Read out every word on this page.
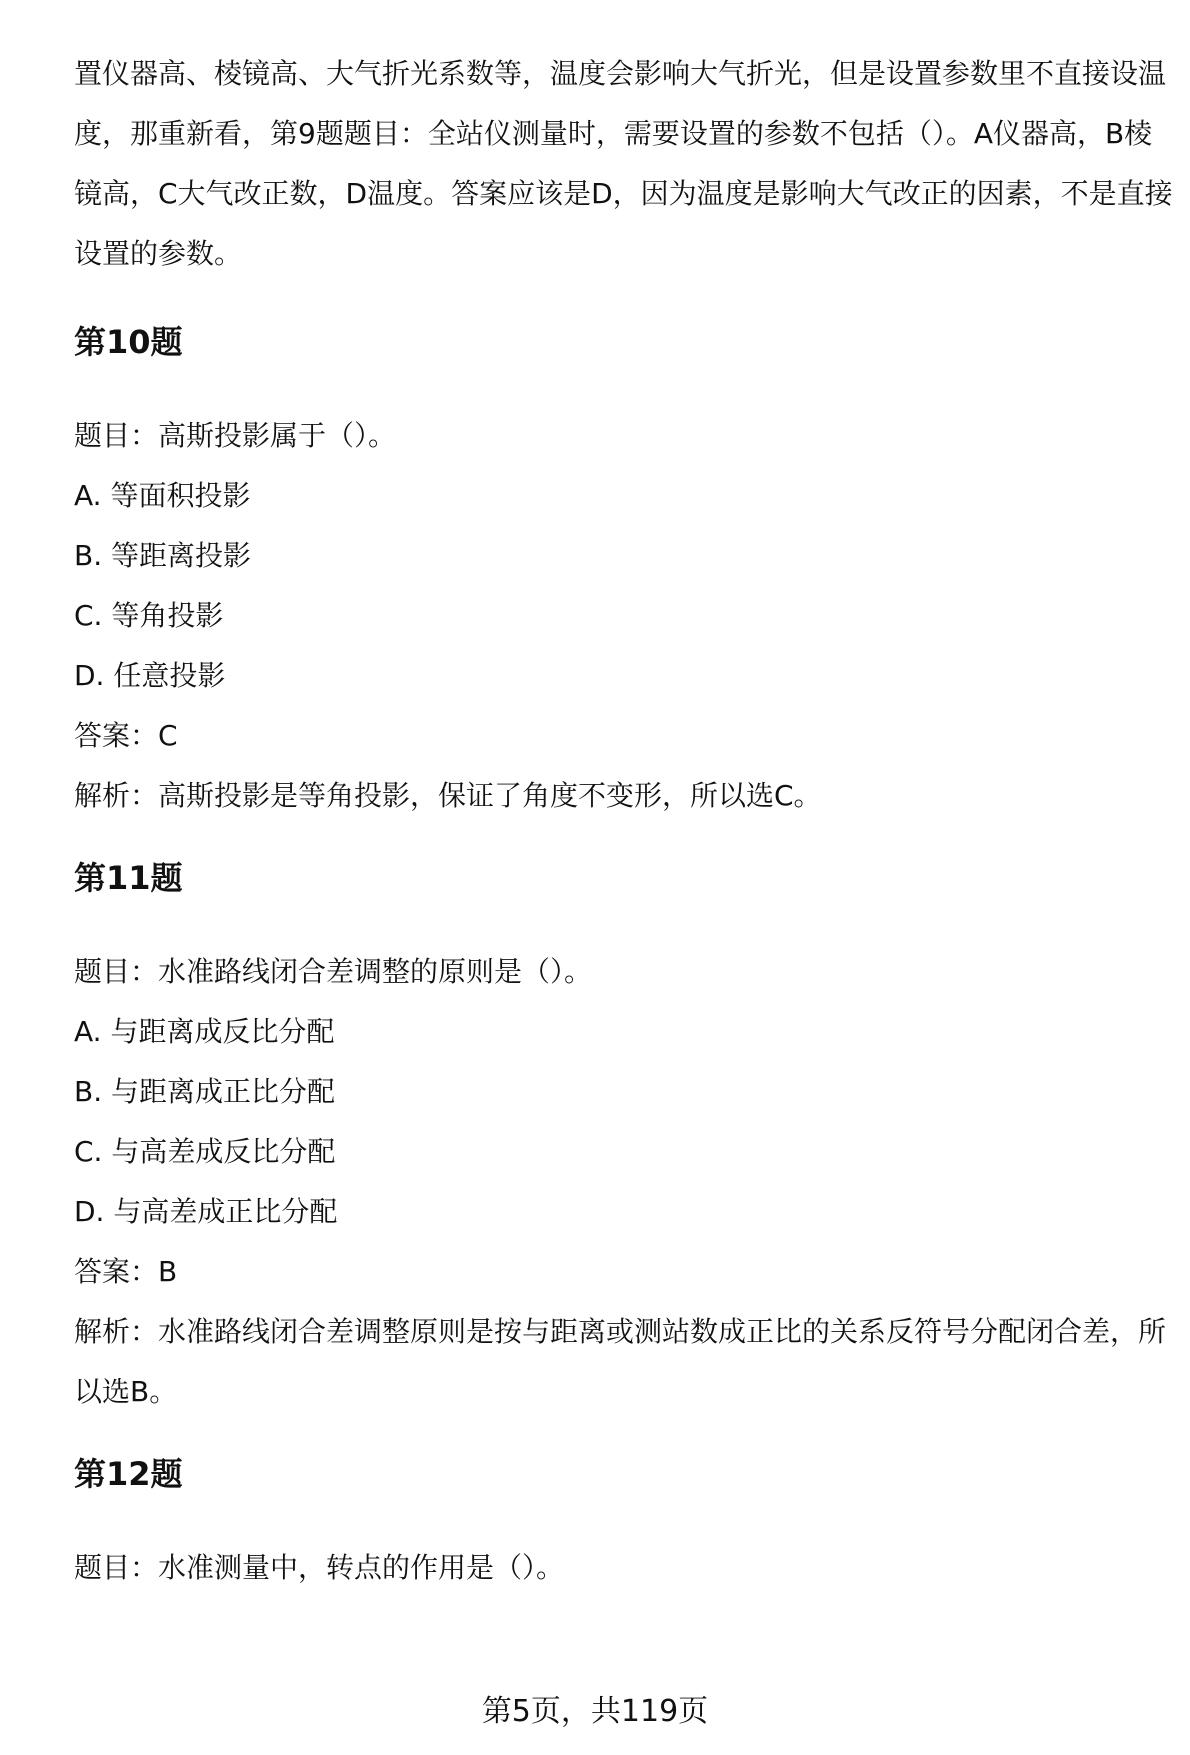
置仪器高、棱镜高、大气折光系数等，温度会影响大气折光，但是设置参数里不直接设温度，那重新看，第9题题目：全站仪测量时，需要设置的参数不包括（）。A仪器高，B棱镜高，C大气改正数，D温度。答案应该是D，因为温度是影响大气改正的因素，不是直接设置的参数。

第10题

题目：高斯投影属于（）。

A. 等面积投影

B. 等距离投影

C. 等角投影

D. 任意投影

答案：C

解析：高斯投影是等角投影，保证了角度不变形，所以选C。

第11题

题目：水准路线闭合差调整的原则是（）。

A. 与距离成反比分配

B. 与距离成正比分配

C. 与高差成反比分配

D. 与高差成正比分配

答案：B

解析：水准路线闭合差调整原则是按与距离或测站数成正比的关系反符号分配闭合差，所以选B。

第12题

题目：水准测量中，转点的作用是（）。

第5页，共119页
